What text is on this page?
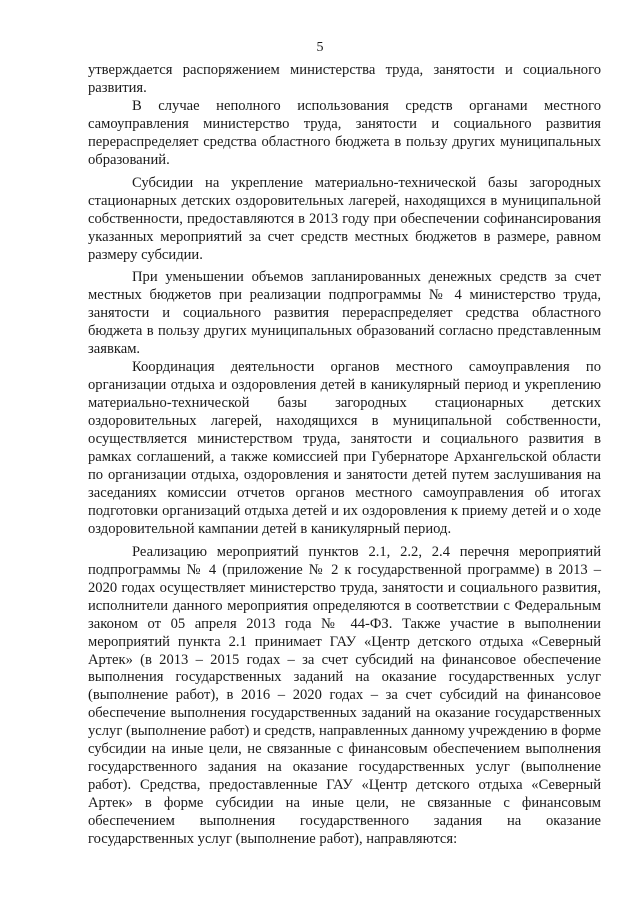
5

утверждается распоряжением министерства труда, занятости и социального развития.

В случае неполного использования средств органами местного самоуправления министерство труда, занятости и социального развития перераспределяет средства областного бюджета в пользу других муниципальных образований.

Субсидии на укрепление материально-технической базы загородных стационарных детских оздоровительных лагерей, находящихся в муниципальной собственности, предоставляются в 2013 году при обеспечении софинансирования указанных мероприятий за счет средств местных бюджетов в размере, равном размеру субсидии.

При уменьшении объемов запланированных денежных средств за счет местных бюджетов при реализации подпрограммы № 4 министерство труда, занятости и социального развития перераспределяет средства областного бюджета в пользу других муниципальных образований согласно представленным заявкам.

Координация деятельности органов местного самоуправления по организации отдыха и оздоровления детей в каникулярный период и укреплению материально-технической базы загородных стационарных детских оздоровительных лагерей, находящихся в муниципальной собственности, осуществляется министерством труда, занятости и социального развития в рамках соглашений, а также комиссией при Губернаторе Архангельской области по организации отдыха, оздоровления и занятости детей путем заслушивания на заседаниях комиссии отчетов органов местного самоуправления об итогах подготовки организаций отдыха детей и их оздоровления к приему детей и о ходе оздоровительной кампании детей в каникулярный период.

Реализацию мероприятий пунктов 2.1, 2.2, 2.4 перечня мероприятий подпрограммы № 4 (приложение № 2 к государственной программе) в 2013 – 2020 годах осуществляет министерство труда, занятости и социального развития, исполнители данного мероприятия определяются в соответствии с Федеральным законом от 05 апреля 2013 года № 44-ФЗ. Также участие в выполнении мероприятий пункта 2.1 принимает ГАУ «Центр детского отдыха «Северный Артек» (в 2013 – 2015 годах – за счет субсидий на финансовое обеспечение выполнения государственных заданий на оказание государственных услуг (выполнение работ), в 2016 – 2020 годах – за счет субсидий на финансовое обеспечение выполнения государственных заданий на оказание государственных услуг (выполнение работ) и средств, направленных данному учреждению в форме субсидии на иные цели, не связанные с финансовым обеспечением выполнения государственного задания на оказание государственных услуг (выполнение работ). Средства, предоставленные ГАУ «Центр детского отдыха «Северный Артек» в форме субсидии на иные цели, не связанные с финансовым обеспечением выполнения государственного задания на оказание государственных услуг (выполнение работ), направляются:
